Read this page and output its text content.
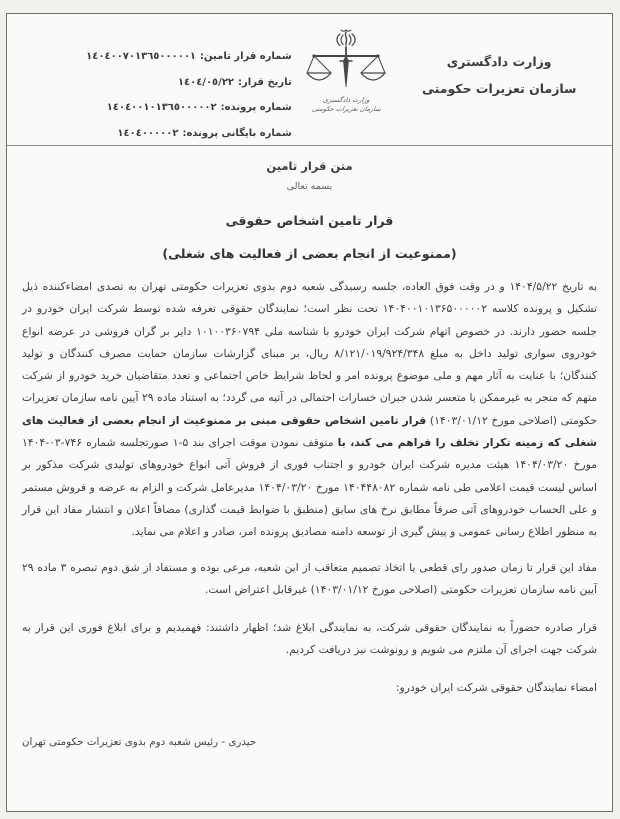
وزارت دادگستری
سازمان تعزیرات حکومتی
وزارت دادگستری
سازمان تعزیرات حکومتی
شماره قرار تامین:١٤٠٤٠٠٧٠١٣٦٥٠٠٠٠٠١
تاریخ قرار:١٤٠٤/٠٥/٢٢
شماره پرونده:١٤٠٤٠٠١٠١٣٦٥٠٠٠٠٠٢
شماره بایگانی پرونده:١٤٠٤٠٠٠٠٠٢
متن قرار تامین
بسمه تعالی
قرار تامین اشخاص حقوقی
(ممنوعیت از انجام بعضی از فعالیت های شغلی)

به تاریخ ۱۴۰۴/۵/۲۲ و در وقت فوق العاده، جلسه رسیدگی شعبه دوم بدوی تعزیرات حکومتی تهران به تصدی امضاءکننده ذیل تشکیل و پرونده کلاسه ۱۴۰۴۰۰۱۰۱۳۶۵۰۰۰۰۰۲ تحت نظر است؛ نمایندگان حقوقی تعرفه شده توسط شرکت ایران خودرو در جلسه حضور دارند. در خصوص اتهام شرکت ایران خودرو با شناسه ملی ۱۰۱۰۰۳۶۰۷۹۴ دایر بر گران فروشی در عرضه انواع خودروی سواری تولید داخل به مبلغ ۸/۱۲۱/۰۱۹/۹۲۴/۳۴۸ ریال، بر مبنای گزارشات سازمان حمایت مصرف کنندگان و تولید کنندگان؛ با عنایت به آثار مهم و ملی موضوع پرونده امر و لحاظ شرایط خاص اجتماعی و تعدد متقاضیان خرید خودرو از شرکت متهم که منجر به غیرممکن یا متعسر شدن جبران خسارات احتمالی در آتیه می گردد؛ به استناد ماده ۲۹ آیین نامه سازمان تعزیرات حکومتی (اصلاحی مورخ ۱۴۰۳/۰۱/۱۲) قرار تامین اشخاص حقوقی مبنی بر ممنوعیت از انجام بعضی از فعالیت های شغلی که زمینه تکرار تخلف را فراهم می کند، با متوقف نمودن موقت اجرای بند ۵-۱ صورتجلسه شماره ۷۴۶-۰۳-۱۴۰۴ مورخ ۱۴۰۴/۰۳/۲۰ هیئت مدیره شرکت ایران خودرو و اجتناب فوری از فروش آتی انواع خودروهای تولیدی شرکت مذکور بر اساس لیست قیمت اعلامی طی نامه شماره ۱۴۰۴۴۸۰۸۲ مورخ ۱۴۰۴/۰۳/۲۰ مدیرعامل شرکت و الزام به عرضه و فروش مستمر و علی الحساب خودروهای آتی صرفاً مطابق نرخ های سابق (منطبق با ضوابط قیمت گذاری) مضافاً اعلان و انتشار مفاد این قرار به منظور اطلاع رسانی عمومی و پیش گیری از توسعه دامنه مصادیق پرونده امر، صادر و اعلام می نماید.

مفاد این قرار تا زمان صدور رای قطعی یا اتخاذ تصمیم متعاقب از این شعبه، مرعی بوده و مستفاد از شق دوم تبصره ۳ ماده ۲۹ آیین نامه سازمان تعزیرات حکومتی (اصلاحی مورخ ۱۴۰۳/۰۱/۱۲) غیرقابل اعتراض است.

قرار صادره حضوراً به نمایندگان حقوقی شرکت، به نمایندگی ابلاغ شد؛ اظهار داشتند: فهمیدیم و برای ابلاغ فوری این قرار به شرکت جهت اجرای آن ملتزم می شویم و رونوشت نیز دریافت کردیم.

امضاء نمایندگان حقوقی شرکت ایران خودرو:

حیدری - رئیس شعبه دوم بدوی تعزیرات حکومتی تهران
